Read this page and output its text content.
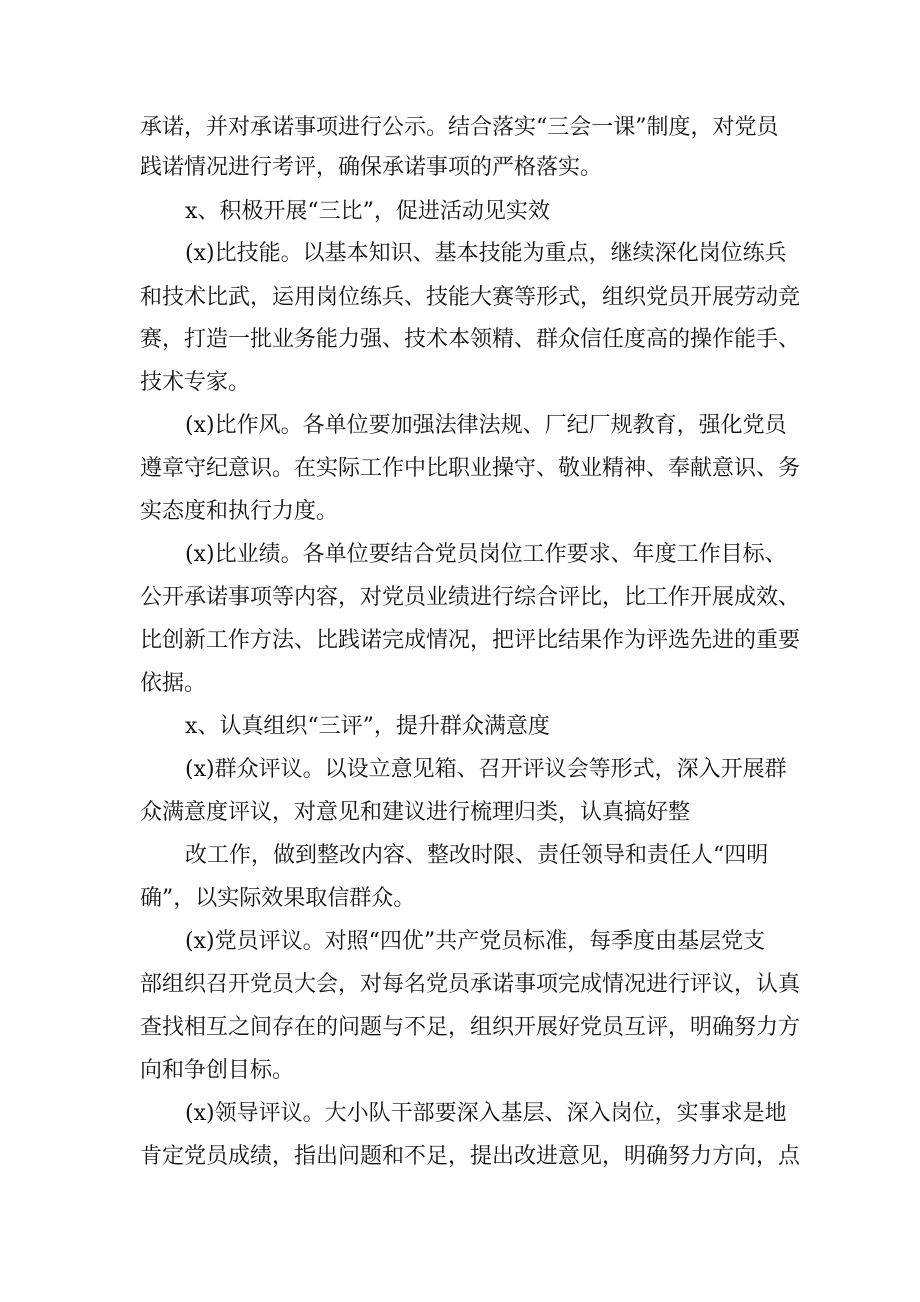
承诺，并对承诺事项进行公示。结合落实“三会一课”制度，对党员
践诺情况进行考评，确保承诺事项的严格落实。
x、积极开展“三比”，促进活动见实效
(x)比技能。以基本知识、基本技能为重点，继续深化岗位练兵
和技术比武，运用岗位练兵、技能大赛等形式，组织党员开展劳动竞
赛，打造一批业务能力强、技术本领精、群众信任度高的操作能手、
技术专家。
(x)比作风。各单位要加强法律法规、厂纪厂规教育，强化党员
遵章守纪意识。在实际工作中比职业操守、敬业精神、奉献意识、务
实态度和执行力度。
(x)比业绩。各单位要结合党员岗位工作要求、年度工作目标、
公开承诺事项等内容，对党员业绩进行综合评比，比工作开展成效、
比创新工作方法、比践诺完成情况，把评比结果作为评选先进的重要
依据。
x、认真组织“三评”，提升群众满意度
(x)群众评议。以设立意见箱、召开评议会等形式，深入开展群
众满意度评议，对意见和建议进行梳理归类，认真搞好整
改工作，做到整改内容、整改时限、责任领导和责任人“四明
确”，以实际效果取信群众。
(x)党员评议。对照“四优”共产党员标准，每季度由基层党支
部组织召开党员大会，对每名党员承诺事项完成情况进行评议，认真
查找相互之间存在的问题与不足，组织开展好党员互评，明确努力方
向和争创目标。
(x)领导评议。大小队干部要深入基层、深入岗位，实事求是地
肯定党员成绩，指出问题和不足，提出改进意见，明确努力方向，点
